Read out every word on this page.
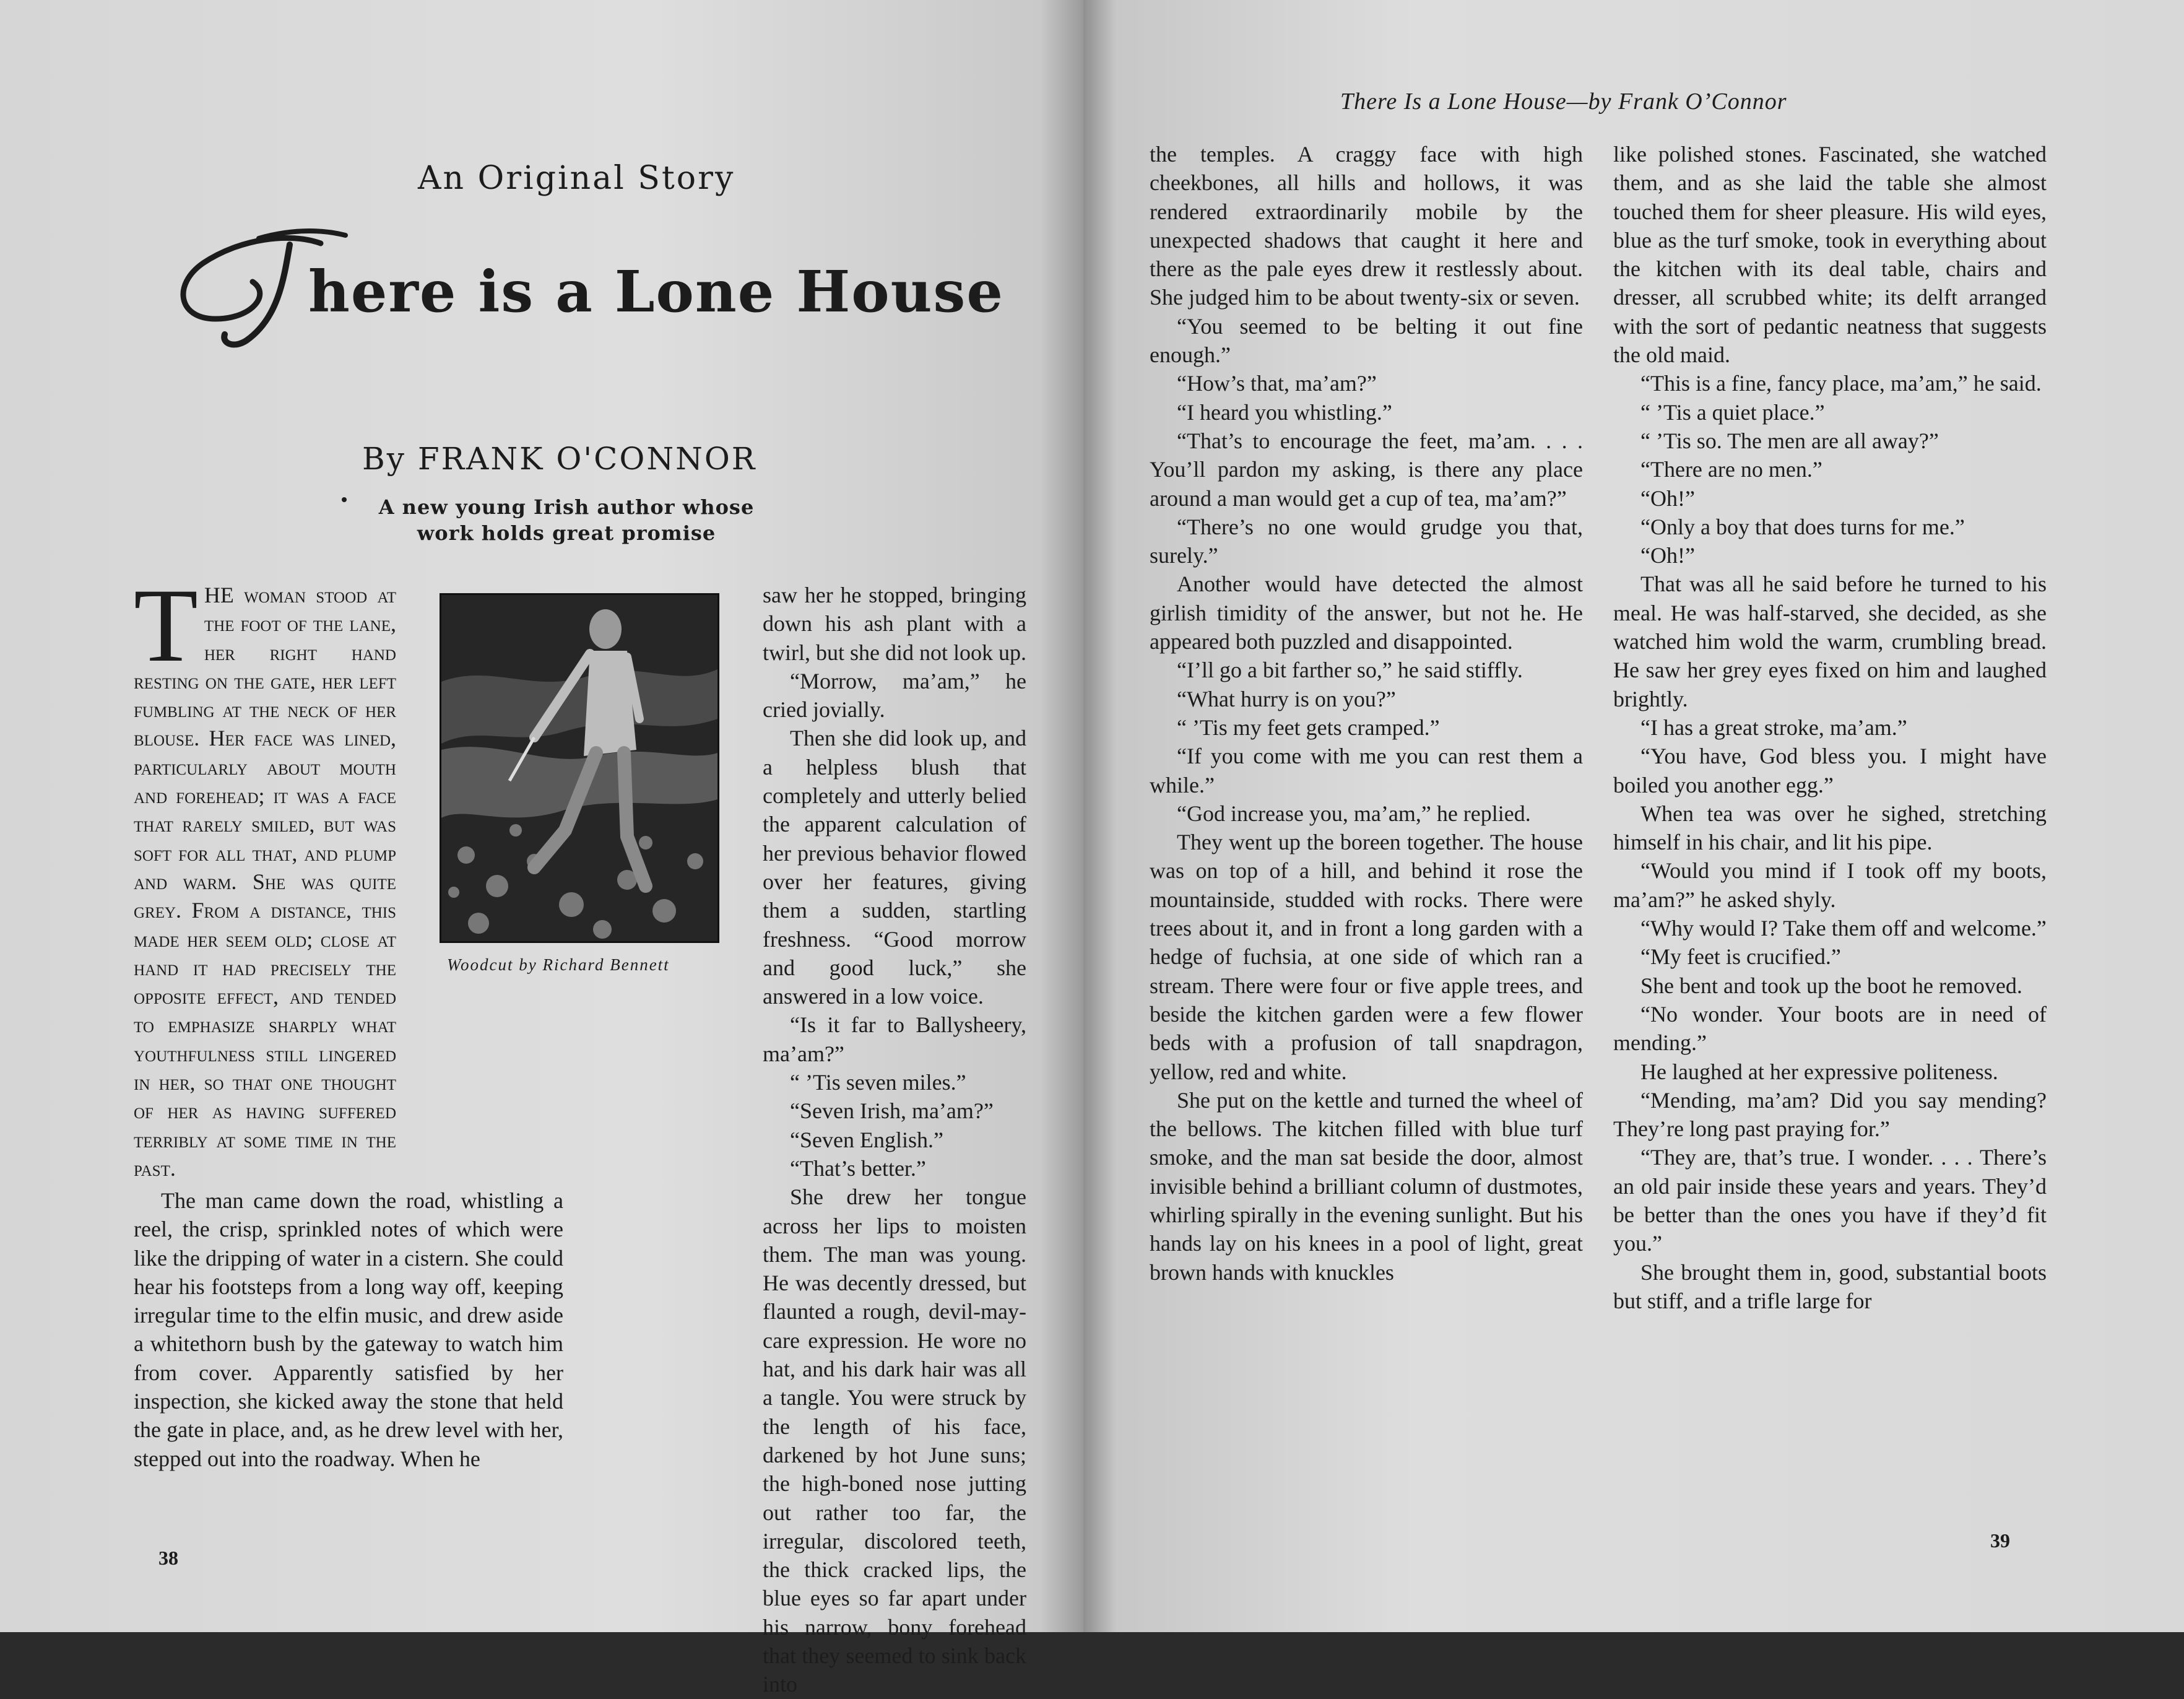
An Original Story
here is a Lone House
By FRANK O'CONNOR
A new young Irish author whose
work holds great promise
Woodcut by Richard Bennett

THE woman stood at the foot of the lane, her right hand resting on the gate, her left fumbling at the neck of her blouse. Her face was lined, particularly about mouth and forehead; it was a face that rarely smiled, but was soft for all that, and plump and warm. She was quite grey. From a distance, this made her seem old; close at hand it had precisely the opposite effect, and tended to emphasize sharply what youthfulness still lingered in her, so that one thought of her as having suffered terribly at some time in the past.

The man came down the road, whistling a reel, the crisp, sprinkled notes of which were like the dripping of water in a cistern. She could hear his footsteps from a long way off, keeping irregular time to the elfin music, and drew aside a whitethorn bush by the gateway to watch him from cover. Apparently satisfied by her inspection, she kicked away the stone that held the gate in place, and, as he drew level with her, stepped out into the roadway. When he

saw her he stopped, bringing down his ash plant with a twirl, but she did not look up.

“Morrow, ma’am,” he cried jovially.

Then she did look up, and a helpless blush that completely and utterly belied the apparent calculation of her previous behavior flowed over her features, giving them a sudden, startling freshness. “Good morrow and good luck,” she answered in a low voice.

“Is it far to Ballysheery, ma’am?”

“ ’Tis seven miles.”

“Seven Irish, ma’am?”

“Seven English.”

“That’s better.”

She drew her tongue across her lips to moisten them. The man was young. He was decently dressed, but flaunted a rough, devil-may-care expression. He wore no hat, and his dark hair was all a tangle. You were struck by the length of his face, darkened by hot June suns; the high-boned nose jutting out rather too far, the irregular, discolored teeth, the thick cracked lips, the blue eyes so far apart under his narrow, bony forehead that they seemed to sink back into

38
There Is a Lone House—by Frank O’Connor

the temples. A craggy face with high cheekbones, all hills and hollows, it was rendered extraordinarily mobile by the unexpected shadows that caught it here and there as the pale eyes drew it restlessly about. She judged him to be about twenty-six or seven.

“You seemed to be belting it out fine enough.”

“How’s that, ma’am?”

“I heard you whistling.”

“That’s to encourage the feet, ma’am. . . . You’ll pardon my asking, is there any place around a man would get a cup of tea, ma’am?”

“There’s no one would grudge you that, surely.”

Another would have detected the almost girlish timidity of the answer, but not he. He appeared both puzzled and disappointed.

“I’ll go a bit farther so,” he said stiffly.

“What hurry is on you?”

“ ’Tis my feet gets cramped.”

“If you come with me you can rest them a while.”

“God increase you, ma’am,” he replied.

They went up the boreen together. The house was on top of a hill, and behind it rose the mountainside, studded with rocks. There were trees about it, and in front a long garden with a hedge of fuchsia, at one side of which ran a stream. There were four or five apple trees, and beside the kitchen garden were a few flower beds with a profusion of tall snapdragon, yellow, red and white.

She put on the kettle and turned the wheel of the bellows. The kitchen filled with blue turf smoke, and the man sat beside the door, almost invisible behind a brilliant column of dustmotes, whirling spirally in the evening sunlight. But his hands lay on his knees in a pool of light, great brown hands with knuckles

like polished stones. Fascinated, she watched them, and as she laid the table she almost touched them for sheer pleasure. His wild eyes, blue as the turf smoke, took in everything about the kitchen with its deal table, chairs and dresser, all scrubbed white; its delft arranged with the sort of pedantic neatness that suggests the old maid.

“This is a fine, fancy place, ma’am,” he said.

“ ’Tis a quiet place.”

“ ’Tis so. The men are all away?”

“There are no men.”

“Oh!”

“Only a boy that does turns for me.”

“Oh!”

That was all he said before he turned to his meal. He was half-starved, she decided, as she watched him wold the warm, crumbling bread. He saw her grey eyes fixed on him and laughed brightly.

“I has a great stroke, ma’am.”

“You have, God bless you. I might have boiled you another egg.”

When tea was over he sighed, stretching himself in his chair, and lit his pipe.

“Would you mind if I took off my boots, ma’am?” he asked shyly.

“Why would I? Take them off and welcome.”

“My feet is crucified.”

She bent and took up the boot he removed.

“No wonder. Your boots are in need of mending.”

He laughed at her expressive politeness.

“Mending, ma’am? Did you say mending? They’re long past praying for.”

“They are, that’s true. I wonder. . . . There’s an old pair inside these years and years. They’d be better than the ones you have if they’d fit you.”

She brought them in, good, substantial boots but stiff, and a trifle large for

39
